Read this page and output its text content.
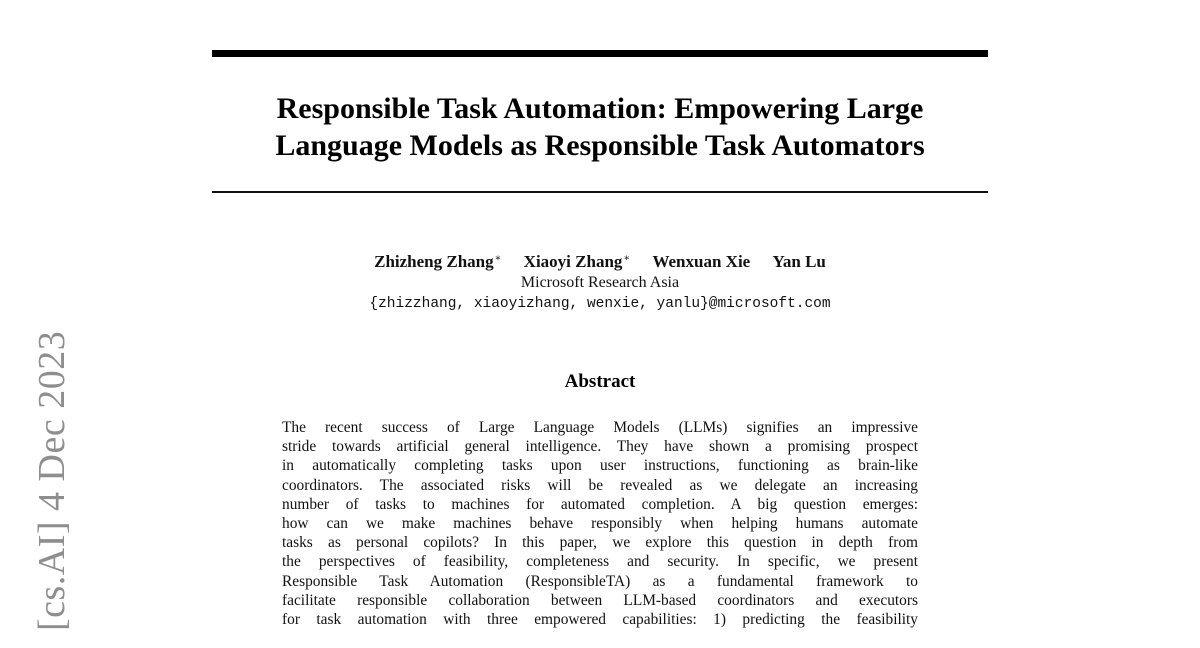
[cs.AI] 4 Dec 2023
Responsible Task Automation: Empowering Large
Language Models as Responsible Task Automators
Zhizheng Zhang∗ Xiaoyi Zhang∗ Wenxuan Xie Yan Lu
Microsoft Research Asia
{zhizzhang, xiaoyizhang, wenxie, yanlu}@microsoft.com
Abstract
The recent success of Large Language Models (LLMs) signifies an impressive
stride towards artificial general intelligence. They have shown a promising prospect
in automatically completing tasks upon user instructions, functioning as brain-like
coordinators. The associated risks will be revealed as we delegate an increasing
number of tasks to machines for automated completion. A big question emerges:
how can we make machines behave responsibly when helping humans automate
tasks as personal copilots? In this paper, we explore this question in depth from
the perspectives of feasibility, completeness and security. In specific, we present
Responsible Task Automation (ResponsibleTA) as a fundamental framework to
facilitate responsible collaboration between LLM-based coordinators and executors
for task automation with three empowered capabilities: 1) predicting the feasibility
